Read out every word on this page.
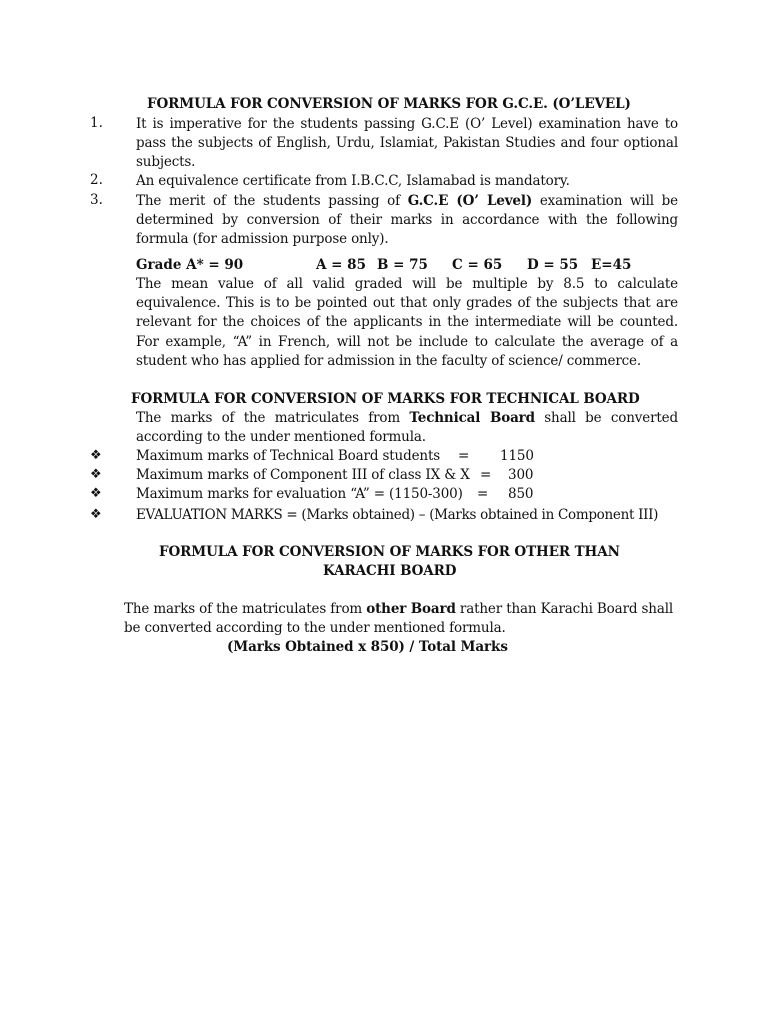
FORMULA FOR CONVERSION OF MARKS FOR G.C.E. (O’LEVEL)
1. It is imperative for the students passing G.C.E (O’ Level) examination have to pass the subjects of English, Urdu, Islamiat, Pakistan Studies and four optional subjects.
2. An equivalence certificate from I.B.C.C, Islamabad is mandatory.
3. The merit of the students passing of G.C.E (O’ Level) examination will be determined by conversion of their marks in accordance with the following formula (for admission purpose only).
Grade A* = 90	A = 85 B = 75 C = 65 D = 55 E=45
The mean value of all valid graded will be multiple by 8.5 to calculate equivalence. This is to be pointed out that only grades of the subjects that are relevant for the choices of the applicants in the intermediate will be counted. For example, “A” in French, will not be include to calculate the average of a student who has applied for admission in the faculty of science/ commerce.
FORMULA FOR CONVERSION OF MARKS FOR TECHNICAL BOARD
The marks of the matriculates from Technical Board shall be converted according to the under mentioned formula.
❖	Maximum marks of Technical Board students = 1150
❖	Maximum marks of Component III of class IX & X = 300
❖	Maximum marks for evaluation “A” = (1150-300) = 850
❖	EVALUATION MARKS = (Marks obtained) – (Marks obtained in Component III)
FORMULA FOR CONVERSION OF MARKS FOR OTHER THAN
KARACHI BOARD
The marks of the matriculates from other Board rather than Karachi Board shall be converted according to the under mentioned formula.
(Marks Obtained x 850) / Total Marks
